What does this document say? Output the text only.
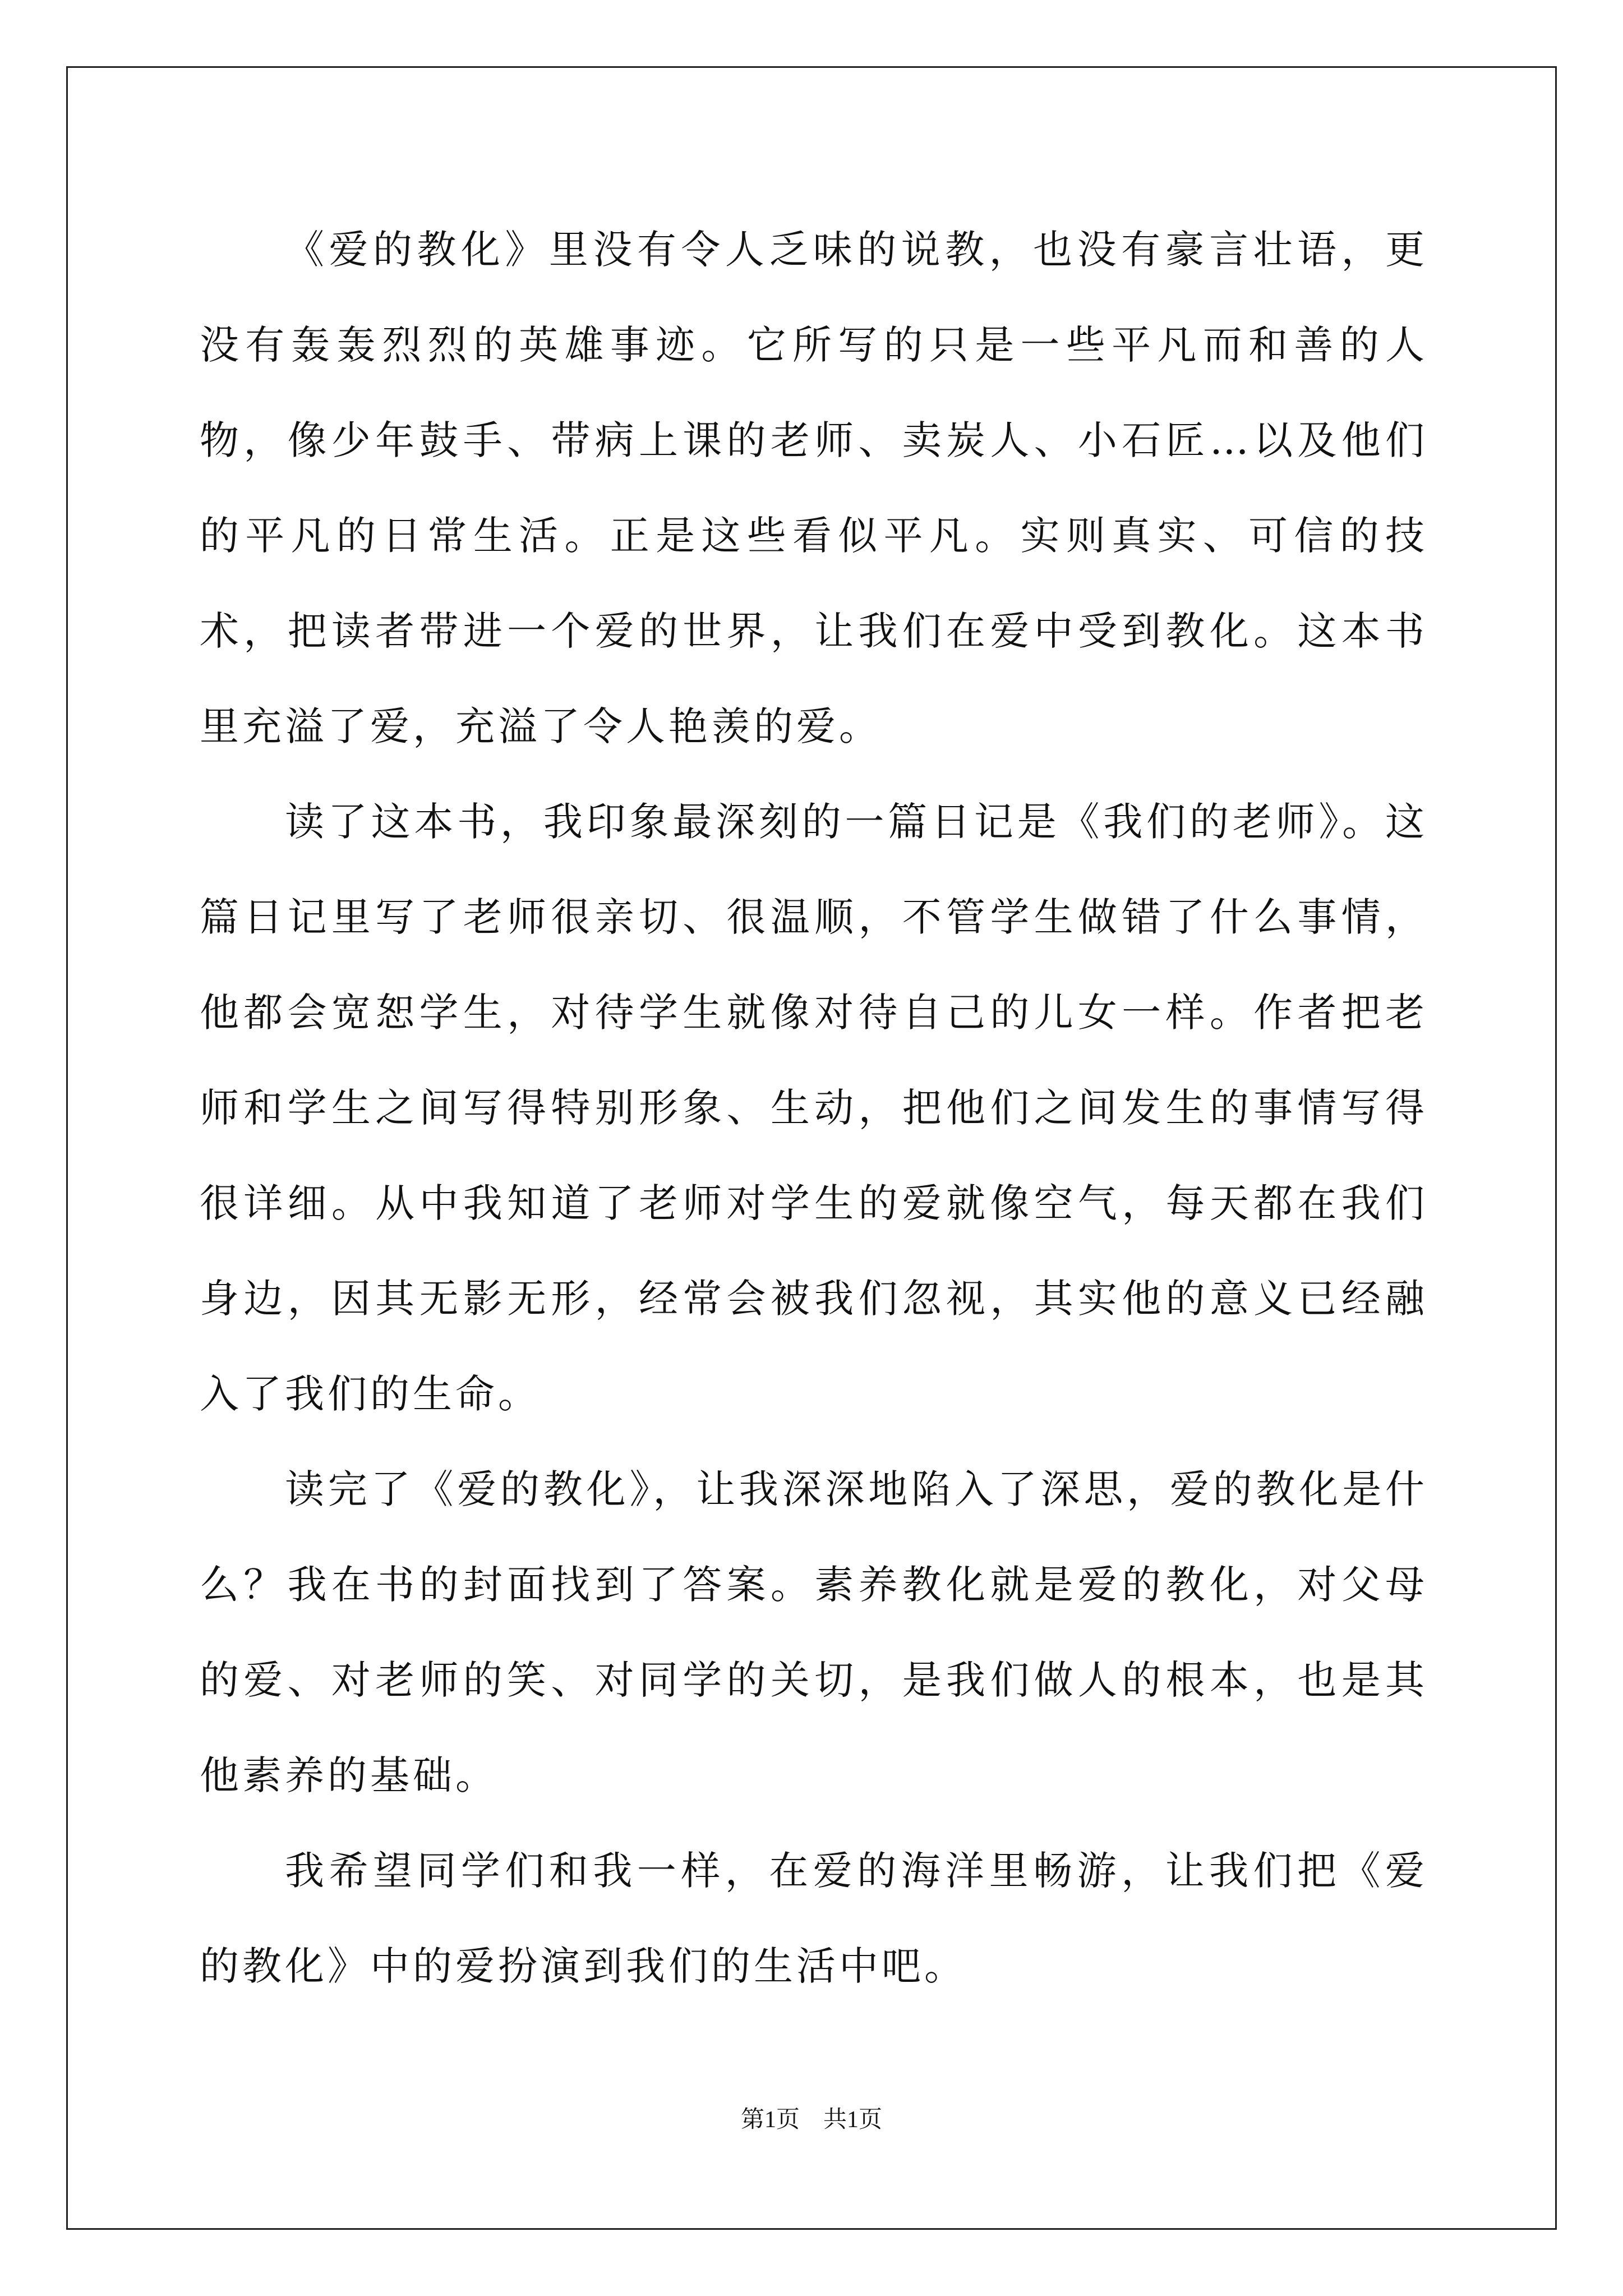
《爱的教化》里没有令人乏味的说教，也没有豪言壮语，更没有轰轰烈烈的英雄事迹。它所写的只是一些平凡而和善的人物，像少年鼓手、带病上课的老师、卖炭人、小石匠…以及他们的平凡的日常生活。正是这些看似平凡。实则真实、可信的技术，把读者带进一个爱的世界，让我们在爱中受到教化。这本书里充溢了爱，充溢了令人艳羡的爱。

读了这本书，我印象最深刻的一篇日记是《我们的老师》。这篇日记里写了老师很亲切、很温顺，不管学生做错了什么事情，他都会宽恕学生，对待学生就像对待自己的儿女一样。作者把老师和学生之间写得特别形象、生动，把他们之间发生的事情写得很详细。从中我知道了老师对学生的爱就像空气，每天都在我们身边，因其无影无形，经常会被我们忽视，其实他的意义已经融入了我们的生命。

读完了《爱的教化》，让我深深地陷入了深思，爱的教化是什么？我在书的封面找到了答案。素养教化就是爱的教化，对父母的爱、对老师的笑、对同学的关切，是我们做人的根本，也是其他素养的基础。

我希望同学们和我一样，在爱的海洋里畅游，让我们把《爱的教化》中的爱扮演到我们的生活中吧。

第1页　共1页
